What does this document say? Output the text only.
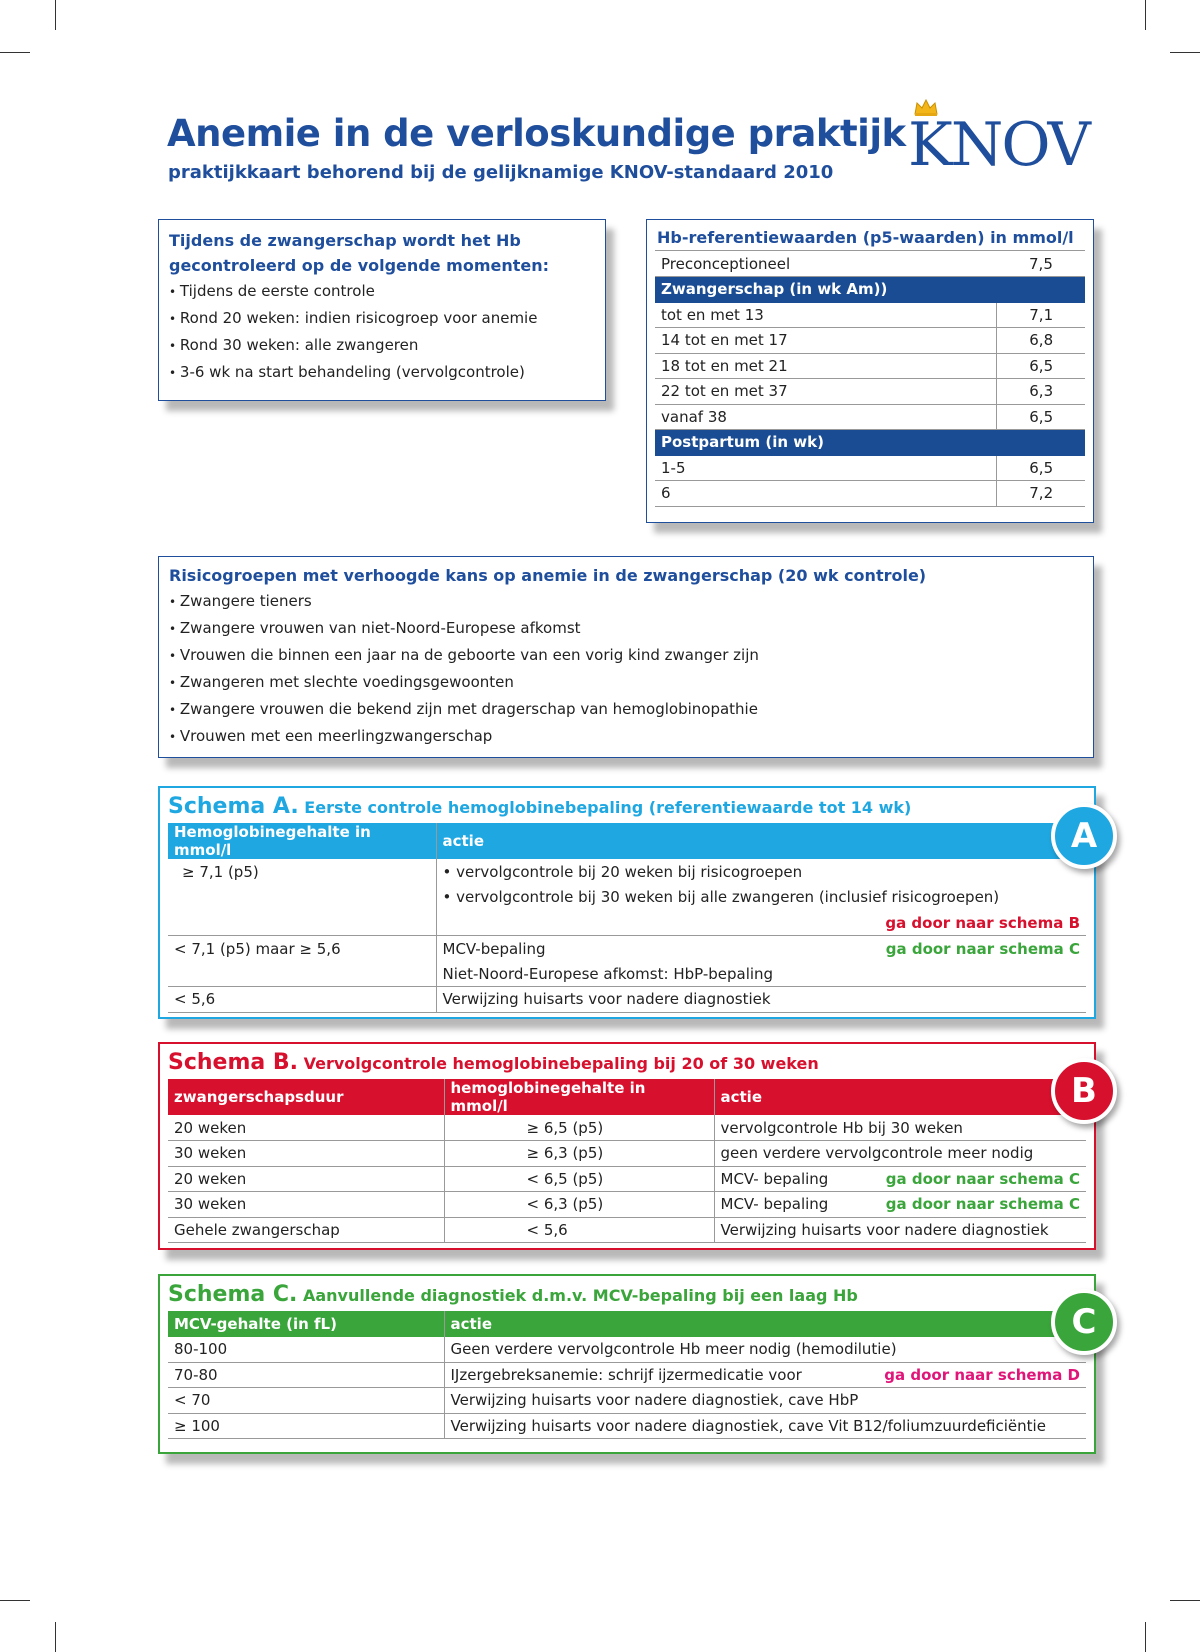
Anemie in de verloskundige praktijk
praktijkkaart behorend bij de gelijknamige KNOV-standaard 2010 KNOV
Tijdens de zwangerschap wordt het Hb gecontroleerd op de volgende momenten:
• Tijdens de eerste controle
• Rond 20 weken: indien risicogroep voor anemie
• Rond 30 weken: alle zwangeren
• 3-6 wk na start behandeling (vervolgcontrole)
Hb-referentiewaarden (p5-waarden) in mmol/l
Preconceptioneel	7,5
Zwangerschap (in wk Am))	
tot en met 13	7,1
14 tot en met 17	6,8
18 tot en met 21	6,5
22 tot en met 37	6,3
vanaf 38	6,5
Postpartum (in wk)	
1-5	6,5
6	7,2
Risicogroepen met verhoogde kans op anemie in de zwangerschap (20 wk controle)
• Zwangere tieners
• Zwangere vrouwen van niet-Noord-Europese afkomst
• Vrouwen die binnen een jaar na de geboorte van een vorig kind zwanger zijn
• Zwangeren met slechte voedingsgewoonten
• Zwangere vrouwen die bekend zijn met dragerschap van hemoglobinopathie
• Vrouwen met een meerlingzwangerschap
Schema A. Eerste controle hemoglobinebepaling (referentiewaarde tot 14 wk)
Hemoglobinegehalte in mmol/l	actie
≥ 7,1 (p5)	• vervolgcontrole bij 20 weken bij risicogroepen
	• vervolgcontrole bij 30 weken bij alle zwangeren (inclusief risicogroepen)

	ga door naar schema B

< 7,1 (p5) maar ≥ 5,6	MCV-bepaling ga door naar schema C

	Niet-Noord-Europese afkomst: HbP-bepaling
< 5,6	Verwijzing huisarts voor nadere diagnostiek
A
Schema B. Vervolgcontrole hemoglobinebepaling bij 20 of 30 weken
zwangerschapsduur	hemoglobinegehalte in mmol/l	actie
20 weken	≥ 6,5 (p5)	vervolgcontrole Hb bij 30 weken
30 weken	≥ 6,3 (p5)	geen verdere vervolgcontrole meer nodig
20 weken	< 6,5 (p5)	MCV- bepaling ga door naar schema C

30 weken	< 6,3 (p5)	MCV- bepaling ga door naar schema C

Gehele zwangerschap	< 5,6	Verwijzing huisarts voor nadere diagnostiek
B
Schema C. Aanvullende diagnostiek d.m.v. MCV-bepaling bij een laag Hb
MCV-gehalte (in fL)	actie
80-100	Geen verdere vervolgcontrole Hb meer nodig (hemodilutie)
70-80	IJzergebreksanemie: schrijf ijzermedicatie voor ga door naar schema D

< 70	Verwijzing huisarts voor nadere diagnostiek, cave HbP
≥ 100	Verwijzing huisarts voor nadere diagnostiek, cave Vit B12/foliumzuurdeficiëntie
C
